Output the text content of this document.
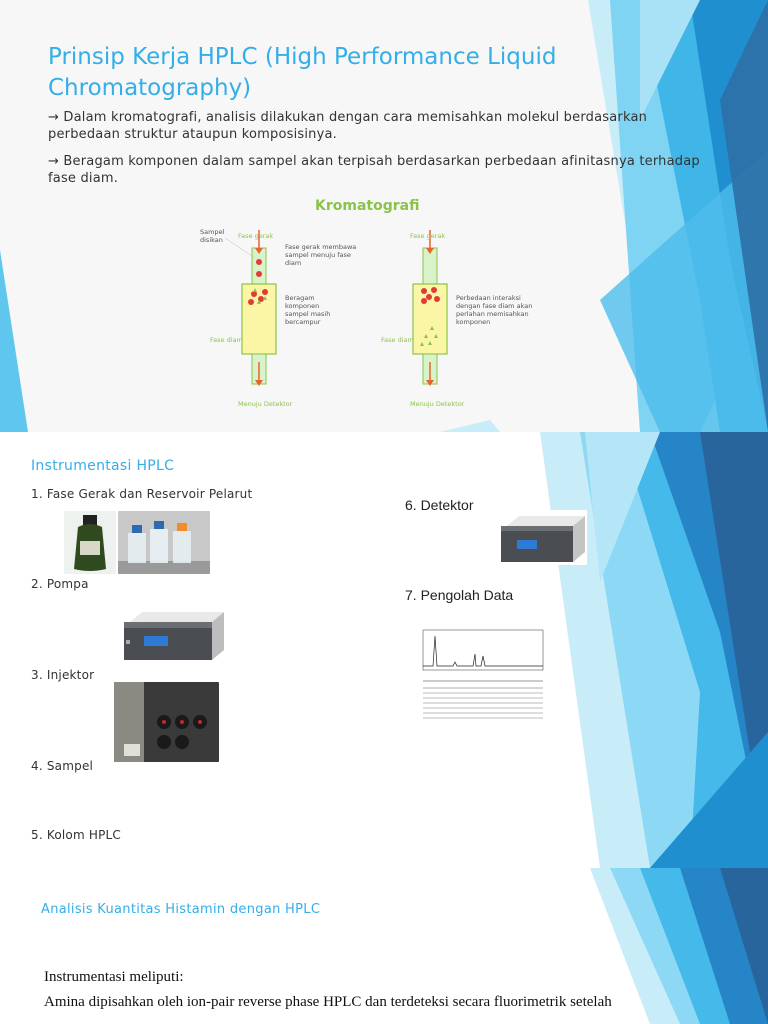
Prinsip Kerja HPLC (High Performance Liquid Chromatography)
→ Dalam kromatografi, analisis dilakukan dengan cara memisahkan molekul berdasarkan perbedaan struktur ataupun komposisinya.
→ Beragam komponen dalam sampel akan terpisah berdasarkan perbedaan afinitasnya terhadap fase diam.
Kromatografi
Sampel disikan	Fase gerak	Fase gerak
Fase gerak membawa sampel menuju fase diam
Beragam komponen sampel masih bercampur
Perbedaan interaksi dengan fase diam akan perlahan memisahkan komponen
Fase diam	Fase diam
Menuju Detektor	Menuju Detektor
Instrumentasi HPLC
1. Fase Gerak dan Reservoir Pelarut
2. Pompa
3. Injektor
4. Sampel
5. Kolom HPLC
6. Detektor
7. Pengolah Data
Analisis Kuantitas Histamin dengan HPLC
Instrumentasi meliputi:
Amina dipisahkan oleh ion-pair reverse phase HPLC dan terdeteksi secara fluorimetrik setelah
